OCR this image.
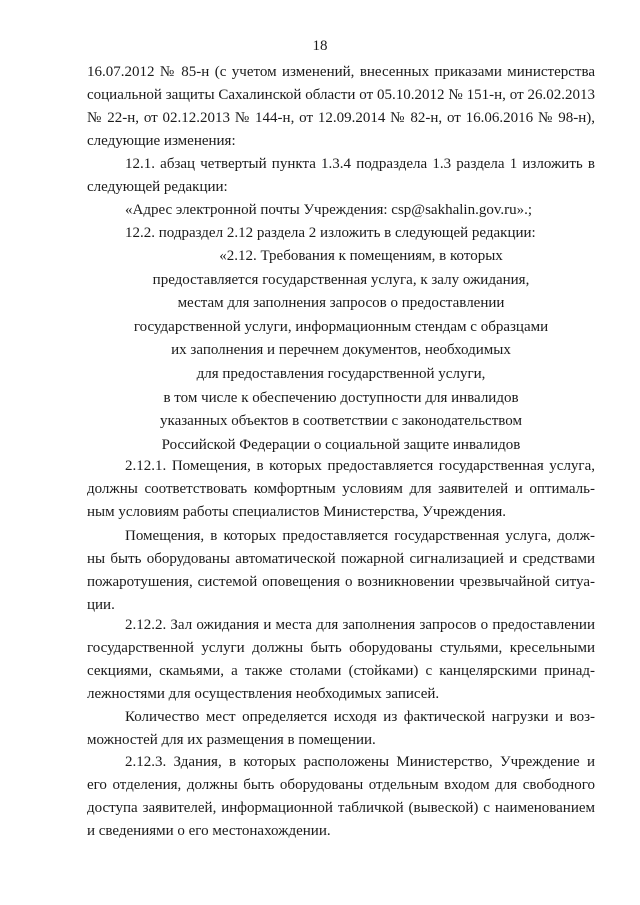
18
16.07.2012 № 85-н (с учетом изменений, внесенных приказами министерства
социальной защиты Сахалинской области от 05.10.2012 № 151-н, от 26.02.2013
№ 22-н, от 02.12.2013 № 144-н, от 12.09.2014 № 82-н, от 16.06.2016 № 98-н),
следующие изменения:
12.1. абзац четвертый пункта 1.3.4 подраздела 1.3 раздела 1 изложить в
следующей редакции:
«Адрес электронной почты Учреждения: csp@sakhalin.gov.ru».;
12.2. подраздел 2.12 раздела 2 изложить в следующей редакции:
«2.12. Требования к помещениям, в которых
предоставляется государственная услуга, к залу ожидания,
местам для заполнения запросов о предоставлении
государственной услуги, информационным стендам с образцами
их заполнения и перечнем документов, необходимых
для предоставления государственной услуги,
в том числе к обеспечению доступности для инвалидов
указанных объектов в соответствии с законодательством
Российской Федерации о социальной защите инвалидов
2.12.1. Помещения, в которых предоставляется государственная услуга,
должны соответствовать комфортным условиям для заявителей и оптималь-
ным условиям работы специалистов Министерства, Учреждения.
Помещения, в которых предоставляется государственная услуга, долж-
ны быть оборудованы автоматической пожарной сигнализацией и средствами
пожаротушения, системой оповещения о возникновении чрезвычайной ситуа-
ции.
2.12.2. Зал ожидания и места для заполнения запросов о предоставлении
государственной услуги должны быть оборудованы стульями, кресельными
секциями, скамьями, а также столами (стойками) с канцелярскими принад-
лежностями для осуществления необходимых записей.
Количество мест определяется исходя из фактической нагрузки и воз-
можностей для их размещения в помещении.
2.12.3. Здания, в которых расположены Министерство, Учреждение и
его отделения, должны быть оборудованы отдельным входом для свободного
доступа заявителей, информационной табличкой (вывеской) с наименованием
и сведениями о его местонахождении.
